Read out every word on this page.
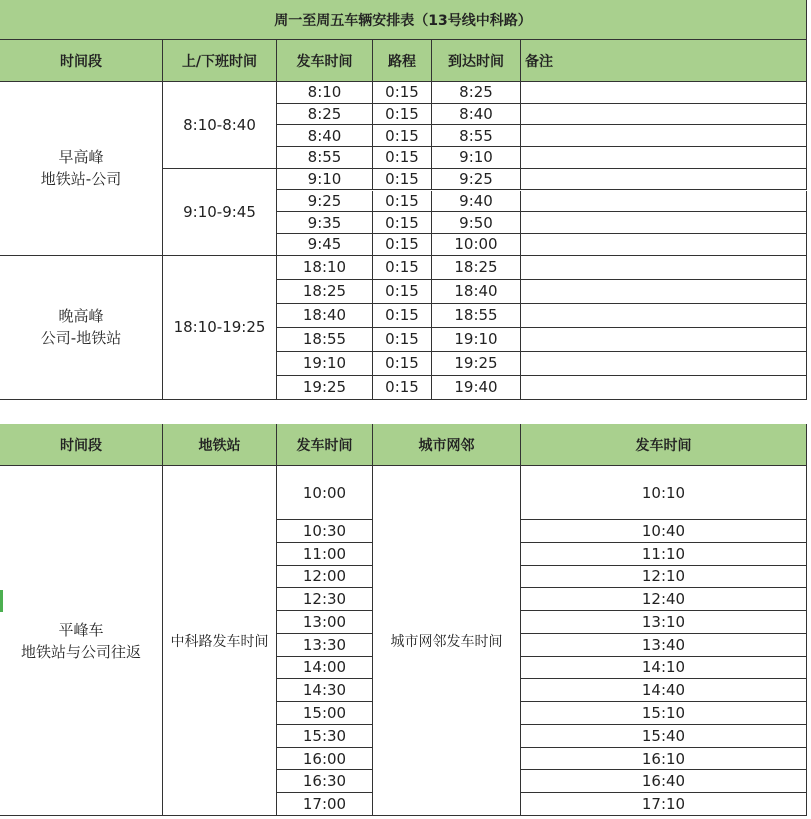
周一至周五车辆安排表（13号线中科路）
时间段	上/下班时间	发车时间	路程	到达时间	备注
早高峰
地铁站-公司
8:10-8:40
8:10	0:15	8:25
8:25	0:15	8:40
8:40	0:15	8:55
8:55	0:15	9:10
9:10-9:45
9:10	0:15	9:25
9:25	0:15	9:40
9:35	0:15	9:50
9:45	0:15	10:00
晚高峰
公司-地铁站
18:10-19:25
18:10	0:15	18:25
18:25	0:15	18:40
18:40	0:15	18:55
18:55	0:15	19:10
19:10	0:15	19:25
19:25	0:15	19:40
时间段	地铁站	发车时间	城市网邻	发车时间
平峰车
地铁站与公司往返
中科路发车时间	城市网邻发车时间
10:00	10:10
10:30	10:40
11:00	11:10
12:00	12:10
12:30	12:40
13:00	13:10
13:30	13:40
14:00	14:10
14:30	14:40
15:00	15:10
15:30	15:40
16:00	16:10
16:30	16:40
17:00	17:10
